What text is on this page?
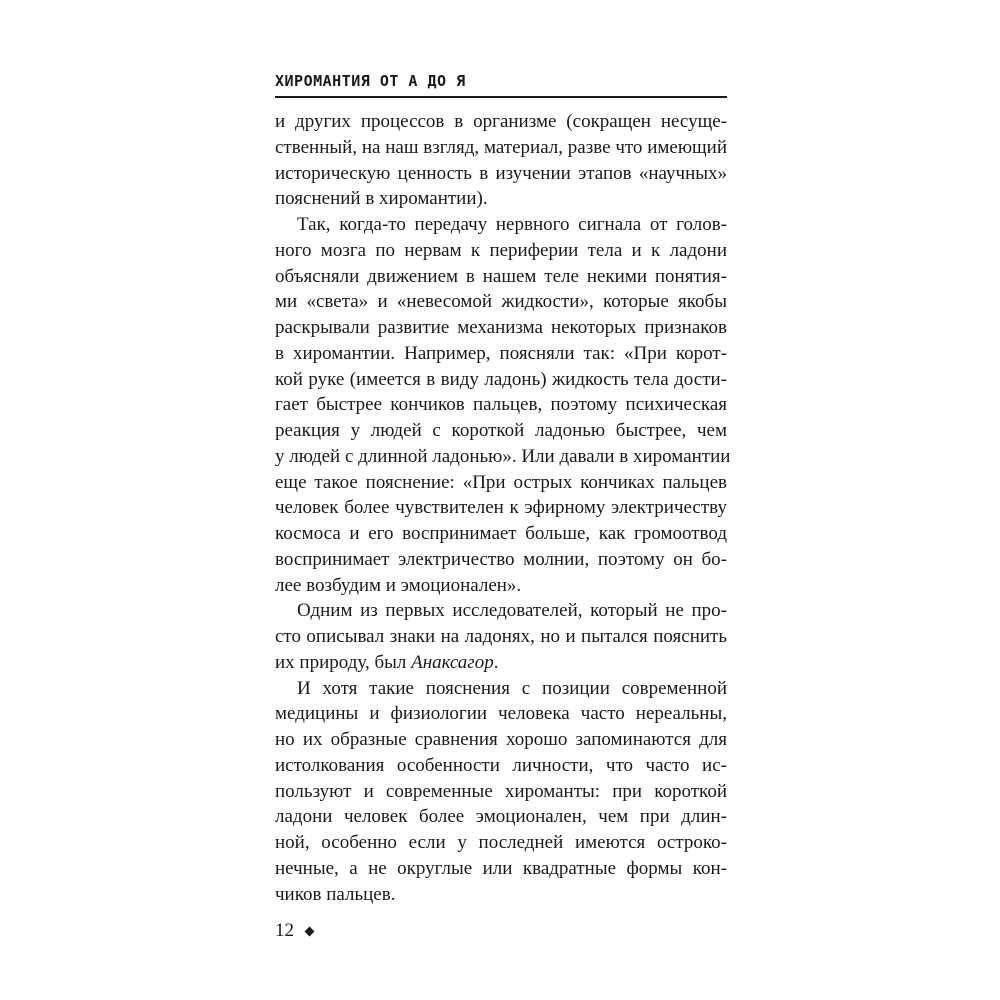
ХИРОМАНТИЯ ОТ А ДО Я

и других процессов в организме (сокращен несуще-
ственный, на наш взгляд, материал, разве что имеющий
историческую ценность в изучении этапов «научных»
пояснений в хиромантии).

Так, когда-то передачу нервного сигнала от голов-
ного мозга по нервам к периферии тела и к ладони
объясняли движением в нашем теле некими понятия-
ми «света» и «невесомой жидкости», которые якобы
раскрывали развитие механизма некоторых признаков
в хиромантии. Например, поясняли так: «При корот-
кой руке (имеется в виду ладонь) жидкость тела дости-
гает быстрее кончиков пальцев, поэтому психическая
реакция у людей с короткой ладонью быстрее, чем
у людей с длинной ладонью». Или давали в хиромантии
еще такое пояснение: «При острых кончиках пальцев
человек более чувствителен к эфирному электричеству
космоса и его воспринимает больше, как громоотвод
воспринимает электричество молнии, поэтому он бо-
лее возбудим и эмоционален».

Одним из первых исследователей, который не про-
сто описывал знаки на ладонях, но и пытался пояснить
их природу, был Анаксагор.

И хотя такие пояснения с позиции современной
медицины и физиологии человека часто нереальны,
но их образные сравнения хорошо запоминаются для
истолкования особенности личности, что часто ис-
пользуют и современные хироманты: при короткой
ладони человек более эмоционален, чем при длин-
ной, особенно если у последней имеются остроко-
нечные, а не округлые или квадратные формы кон-
чиков пальцев.

12
